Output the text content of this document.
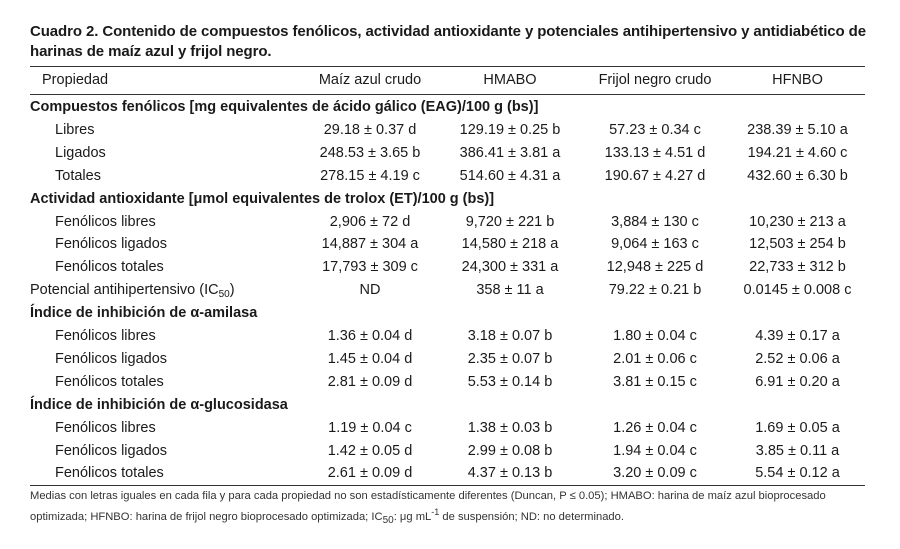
Cuadro 2. Contenido de compuestos fenólicos, actividad antioxidante y potenciales antihipertensivo y antidiabético de harinas de maíz azul y frijol negro.
Propiedad	Maíz azul crudo	HMABO	Frijol negro crudo	HFNBO
Compuestos fenólicos [mg equivalentes de ácido gálico (EAG)/100 g (bs)]
Libres	29.18 ± 0.37 d	129.19 ± 0.25 b	57.23 ± 0.34 c	238.39 ± 5.10 a
Ligados	248.53 ± 3.65 b	386.41 ± 3.81 a	133.13 ± 4.51 d	194.21 ± 4.60 c
Totales	278.15 ± 4.19 c	514.60 ± 4.31 a	190.67 ± 4.27 d	432.60 ± 6.30 b
Actividad antioxidante [μmol equivalentes de trolox (ET)/100 g (bs)]
Fenólicos libres	2,906 ± 72 d	9,720 ± 221 b	3,884 ± 130 c	10,230 ± 213 a
Fenólicos ligados	14,887 ± 304 a	14,580 ± 218 a	9,064 ± 163 c	12,503 ± 254 b
Fenólicos totales	17,793 ± 309 c	24,300 ± 331 a	12,948 ± 225 d	22,733 ± 312 b
Potencial antihipertensivo $(IC_{50})$	ND	358 ± 11 a	79.22 ± 0.21 b	0.0145 ± 0.008 c
Índice de inhibición de α-amilasa
Fenólicos libres	1.36 ± 0.04 d	3.18 ± 0.07 b	1.80 ± 0.04 c	4.39 ± 0.17 a
Fenólicos ligados	1.45 ± 0.04 d	2.35 ± 0.07 b	2.01 ± 0.06 c	2.52 ± 0.06 a
Fenólicos totales	2.81 ± 0.09 d	5.53 ± 0.14 b	3.81 ± 0.15 c	6.91 ± 0.20 a
Índice de inhibición de α-glucosidasa
Fenólicos libres	1.19 ± 0.04 c	1.38 ± 0.03 b	1.26 ± 0.04 c	1.69 ± 0.05 a
Fenólicos ligados	1.42 ± 0.05 d	2.99 ± 0.08 b	1.94 ± 0.04 c	3.85 ± 0.11 a
Fenólicos totales	2.61 ± 0.09 d	4.37 ± 0.13 b	3.20 ± 0.09 c	5.54 ± 0.12 a
Medias con letras iguales en cada fila y para cada propiedad no son estadísticamente diferentes (Duncan, P ≤ 0.05); HMABO: harina de maíz azul bioprocesado optimizada; HFNBO: harina de frijol negro bioprocesado optimizada; IC50: μg $mL^{-1}$ de suspensión; ND: no determinado.
